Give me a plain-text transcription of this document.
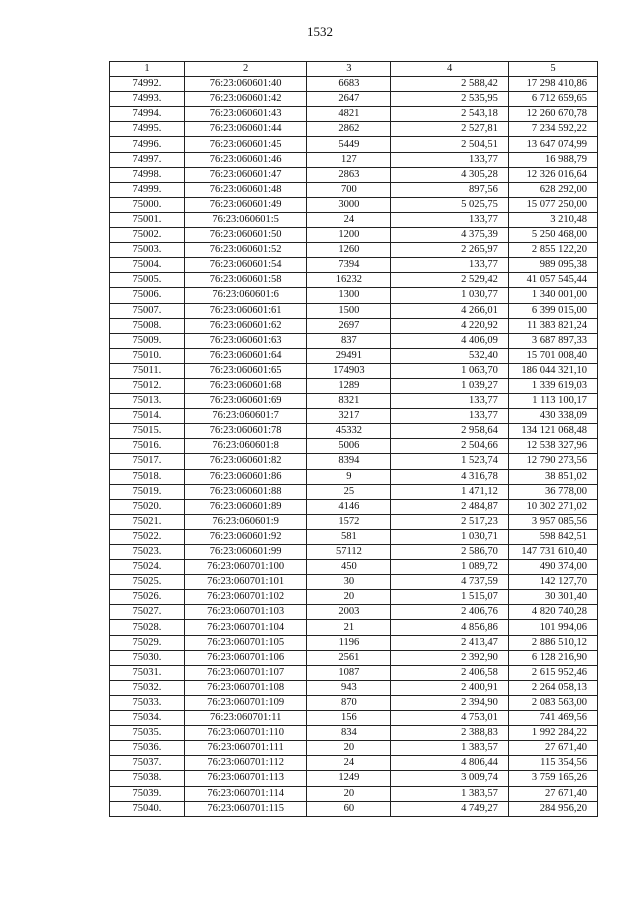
1532
1	2	3	4	5
74992.	76:23:060601:40	6683	2 588,42	17 298 410,86
74993.	76:23:060601:42	2647	2 535,95	6 712 659,65
74994.	76:23:060601:43	4821	2 543,18	12 260 670,78
74995.	76:23:060601:44	2862	2 527,81	7 234 592,22
74996.	76:23:060601:45	5449	2 504,51	13 647 074,99
74997.	76:23:060601:46	127	133,77	16 988,79
74998.	76:23:060601:47	2863	4 305,28	12 326 016,64
74999.	76:23:060601:48	700	897,56	628 292,00
75000.	76:23:060601:49	3000	5 025,75	15 077 250,00
75001.	76:23:060601:5	24	133,77	3 210,48
75002.	76:23:060601:50	1200	4 375,39	5 250 468,00
75003.	76:23:060601:52	1260	2 265,97	2 855 122,20
75004.	76:23:060601:54	7394	133,77	989 095,38
75005.	76:23:060601:58	16232	2 529,42	41 057 545,44
75006.	76:23:060601:6	1300	1 030,77	1 340 001,00
75007.	76:23:060601:61	1500	4 266,01	6 399 015,00
75008.	76:23:060601:62	2697	4 220,92	11 383 821,24
75009.	76:23:060601:63	837	4 406,09	3 687 897,33
75010.	76:23:060601:64	29491	532,40	15 701 008,40
75011.	76:23:060601:65	174903	1 063,70	186 044 321,10
75012.	76:23:060601:68	1289	1 039,27	1 339 619,03
75013.	76:23:060601:69	8321	133,77	1 113 100,17
75014.	76:23:060601:7	3217	133,77	430 338,09
75015.	76:23:060601:78	45332	2 958,64	134 121 068,48
75016.	76:23:060601:8	5006	2 504,66	12 538 327,96
75017.	76:23:060601:82	8394	1 523,74	12 790 273,56
75018.	76:23:060601:86	9	4 316,78	38 851,02
75019.	76:23:060601:88	25	1 471,12	36 778,00
75020.	76:23:060601:89	4146	2 484,87	10 302 271,02
75021.	76:23:060601:9	1572	2 517,23	3 957 085,56
75022.	76:23:060601:92	581	1 030,71	598 842,51
75023.	76:23:060601:99	57112	2 586,70	147 731 610,40
75024.	76:23:060701:100	450	1 089,72	490 374,00
75025.	76:23:060701:101	30	4 737,59	142 127,70
75026.	76:23:060701:102	20	1 515,07	30 301,40
75027.	76:23:060701:103	2003	2 406,76	4 820 740,28
75028.	76:23:060701:104	21	4 856,86	101 994,06
75029.	76:23:060701:105	1196	2 413,47	2 886 510,12
75030.	76:23:060701:106	2561	2 392,90	6 128 216,90
75031.	76:23:060701:107	1087	2 406,58	2 615 952,46
75032.	76:23:060701:108	943	2 400,91	2 264 058,13
75033.	76:23:060701:109	870	2 394,90	2 083 563,00
75034.	76:23:060701:11	156	4 753,01	741 469,56
75035.	76:23:060701:110	834	2 388,83	1 992 284,22
75036.	76:23:060701:111	20	1 383,57	27 671,40
75037.	76:23:060701:112	24	4 806,44	115 354,56
75038.	76:23:060701:113	1249	3 009,74	3 759 165,26
75039.	76:23:060701:114	20	1 383,57	27 671,40
75040.	76:23:060701:115	60	4 749,27	284 956,20
